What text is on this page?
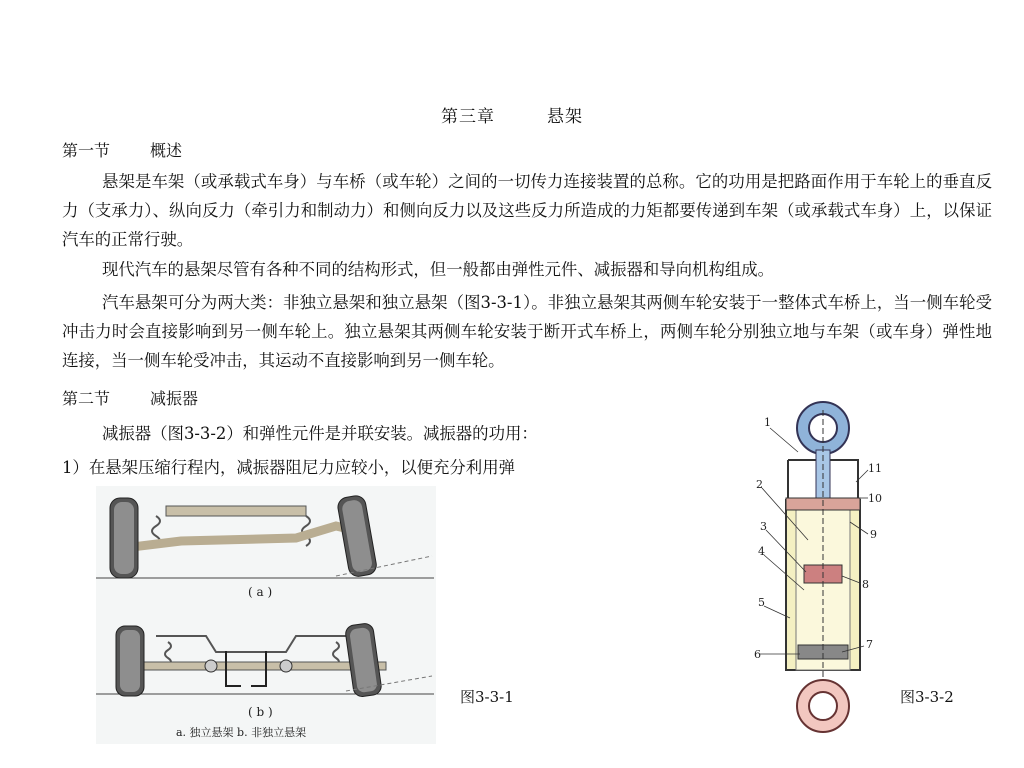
第三章	悬架
第一节	概述

悬架是车架（或承载式车身）与车桥（或车轮）之间的一切传力连接装置的总称。它的功用是把路面作用于车轮上的垂直反力（支承力）、纵向反力（牵引力和制动力）和侧向反力以及这些反力所造成的力矩都要传递到车架（或承载式车身）上，以保证汽车的正常行驶。

现代汽车的悬架尽管有各种不同的结构形式，但一般都由弹性元件、减振器和导向机构组成。

汽车悬架可分为两大类：非独立悬架和独立悬架（图3-3-1）。非独立悬架其两侧车轮安装于一整体式车桥上，当一侧车轮受冲击力时会直接影响到另一侧车轮上。独立悬架其两侧车轮安装于断开式车桥上，两侧车轮分别独立地与车架（或车身）弹性地连接，当一侧车轮受冲击，其运动不直接影响到另一侧车轮。

第二节	减振器
减振器（图3-3-2）和弹性元件是并联安装。减振器的功用：
1）在悬架压缩行程内，减振器阻尼力应较小，以便充分利用弹
( a )
( b )
a. 独立悬架 b. 非独立悬架
图3-3-1
1
2
3
4
5
6
7
8
9
10
11
图3-3-2
